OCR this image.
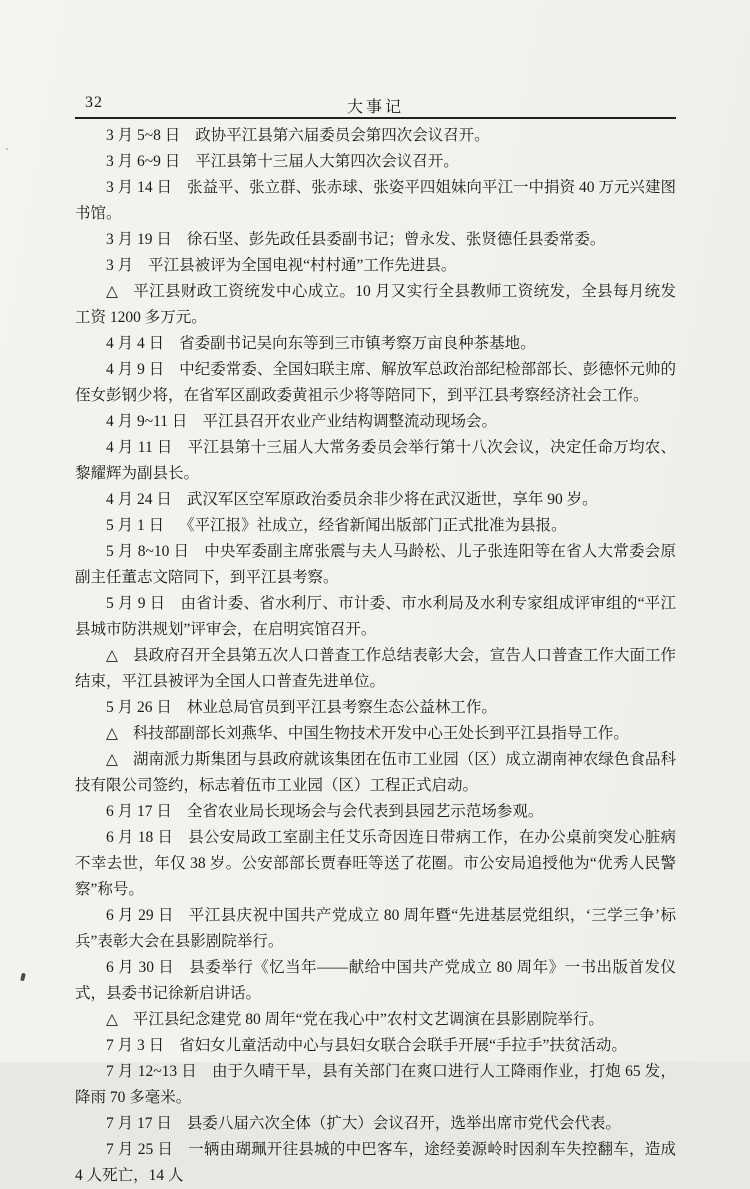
32	大事记

3 月 5~8 日 政协平江县第六届委员会第四次会议召开。

3 月 6~9 日 平江县第十三届人大第四次会议召开。

3 月 14 日 张益平、张立群、张赤球、张姿平四姐妹向平江一中捐资 40 万元兴建图书馆。

3 月 19 日 徐石坚、彭先政任县委副书记；曾永发、张贤德任县委常委。

3 月 平江县被评为全国电视“村村通”工作先进县。

△ 平江县财政工资统发中心成立。10 月又实行全县教师工资统发，全县每月统发工资 1200 多万元。

4 月 4 日 省委副书记吴向东等到三市镇考察万亩良种茶基地。

4 月 9 日 中纪委常委、全国妇联主席、解放军总政治部纪检部部长、彭德怀元帅的侄女彭钢少将，在省军区副政委黄祖示少将等陪同下，到平江县考察经济社会工作。

4 月 9~11 日 平江县召开农业产业结构调整流动现场会。

4 月 11 日 平江县第十三届人大常务委员会举行第十八次会议，决定任命万均农、黎耀辉为副县长。

4 月 24 日 武汉军区空军原政治委员余非少将在武汉逝世，享年 90 岁。

5 月 1 日 《平江报》社成立，经省新闻出版部门正式批准为县报。

5 月 8~10 日 中央军委副主席张震与夫人马龄松、儿子张连阳等在省人大常委会原副主任董志文陪同下，到平江县考察。

5 月 9 日 由省计委、省水利厅、市计委、市水利局及水利专家组成评审组的“平江县城市防洪规划”评审会，在启明宾馆召开。

△ 县政府召开全县第五次人口普查工作总结表彰大会，宣告人口普查工作大面工作结束，平江县被评为全国人口普查先进单位。

5 月 26 日 林业总局官员到平江县考察生态公益林工作。

△ 科技部副部长刘燕华、中国生物技术开发中心王处长到平江县指导工作。

△ 湖南派力斯集团与县政府就该集团在伍市工业园（区）成立湖南神农绿色食品科技有限公司签约，标志着伍市工业园（区）工程正式启动。

6 月 17 日 全省农业局长现场会与会代表到县园艺示范场参观。

6 月 18 日 县公安局政工室副主任艾乐奇因连日带病工作，在办公桌前突发心脏病不幸去世，年仅 38 岁。公安部部长贾春旺等送了花圈。市公安局追授他为“优秀人民警察”称号。

6 月 29 日 平江县庆祝中国共产党成立 80 周年暨“先进基层党组织，‘三学三争’标兵”表彰大会在县影剧院举行。

6 月 30 日 县委举行《忆当年——献给中国共产党成立 80 周年》一书出版首发仪式，县委书记徐新启讲话。

△ 平江县纪念建党 80 周年“党在我心中”农村文艺调演在县影剧院举行。

7 月 3 日 省妇女儿童活动中心与县妇女联合会联手开展“手拉手”扶贫活动。

7 月 12~13 日 由于久晴干旱，县有关部门在爽口进行人工降雨作业，打炮 65 发，降雨 70 多毫米。

7 月 17 日 县委八届六次全体（扩大）会议召开，选举出席市党代会代表。

7 月 25 日 一辆由瑚珮开往县城的中巴客车，途经姜源岭时因刹车失控翻车，造成 4 人死亡，14 人
